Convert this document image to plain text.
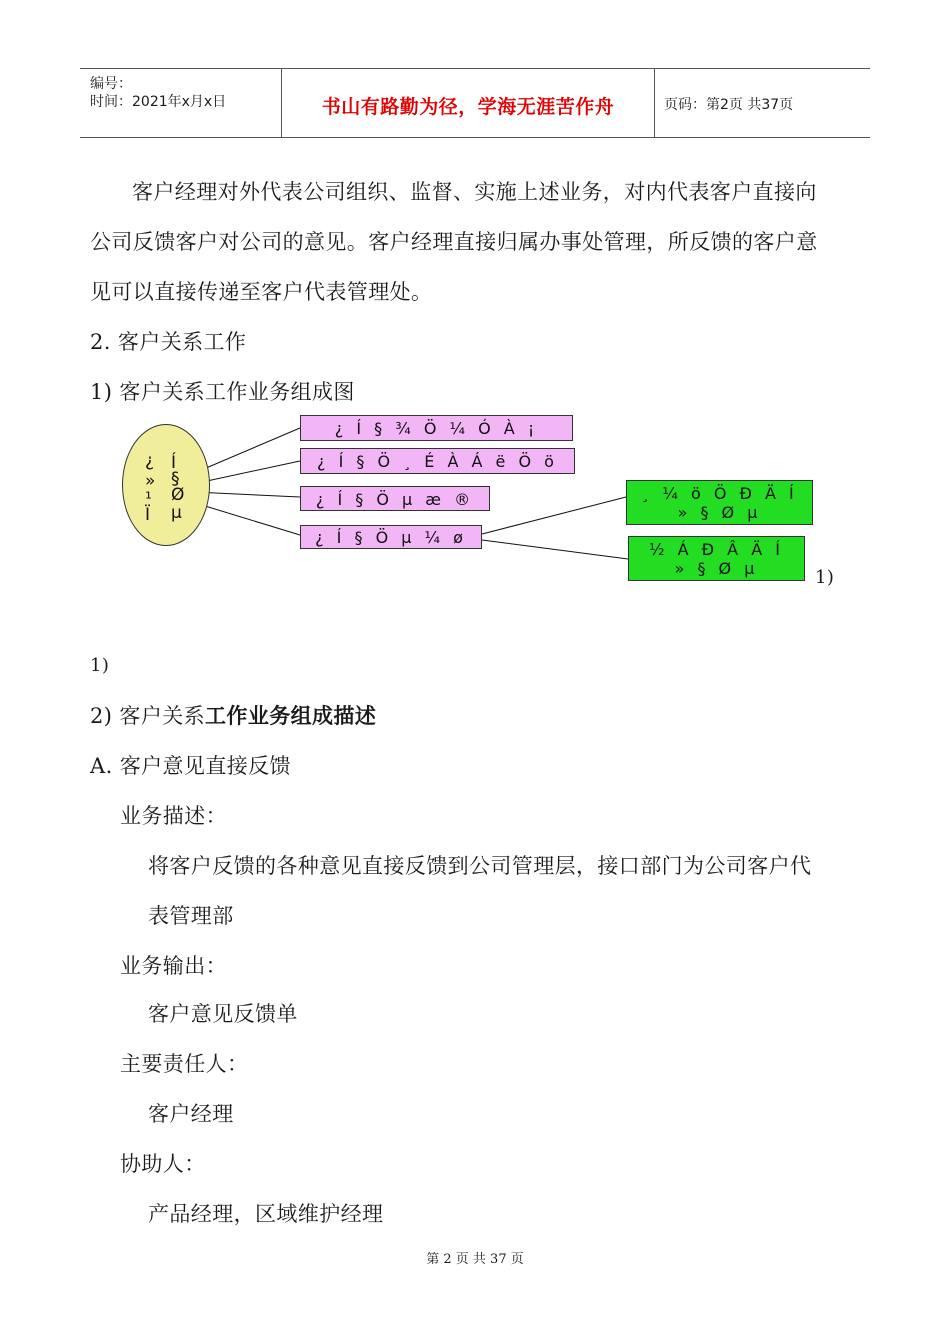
编号：
时间：2021年x月x日	书山有路勤为径，学海无涯苦作舟	页码：第2页 共37页
客户经理对外代表公司组织、监督、实施上述业务，对内代表客户直接向
公司反馈客户对公司的意见。客户经理直接归属办事处管理，所反馈的客户意
见可以直接传递至客户代表管理处。
2. 客户关系工作
1) 客户关系工作业务组成图
¿
»
¹
Ï
Í
§
Ø
µ
¿ Í § ¾ Ö ¼ Ó À ¡
¿ Í § Ö ¸ É À Á ë Ö ö
¿ Í § Ö µ æ ®
¿ Í § Ö µ ¼ ø
¸ ¼ ö Ö Ð Ä Í
» § Ø µ
½ Á Ð Â Ä Í
» § Ø µ	1)
1)
2) 客户关系工作业务组成描述
A. 客户意见直接反馈
业务描述：
将客户反馈的各种意见直接反馈到公司管理层，接口部门为公司客户代
表管理部
业务输出：
客户意见反馈单
主要责任人：
客户经理
协助人：
产品经理，区域维护经理
第 2 页 共 37 页
